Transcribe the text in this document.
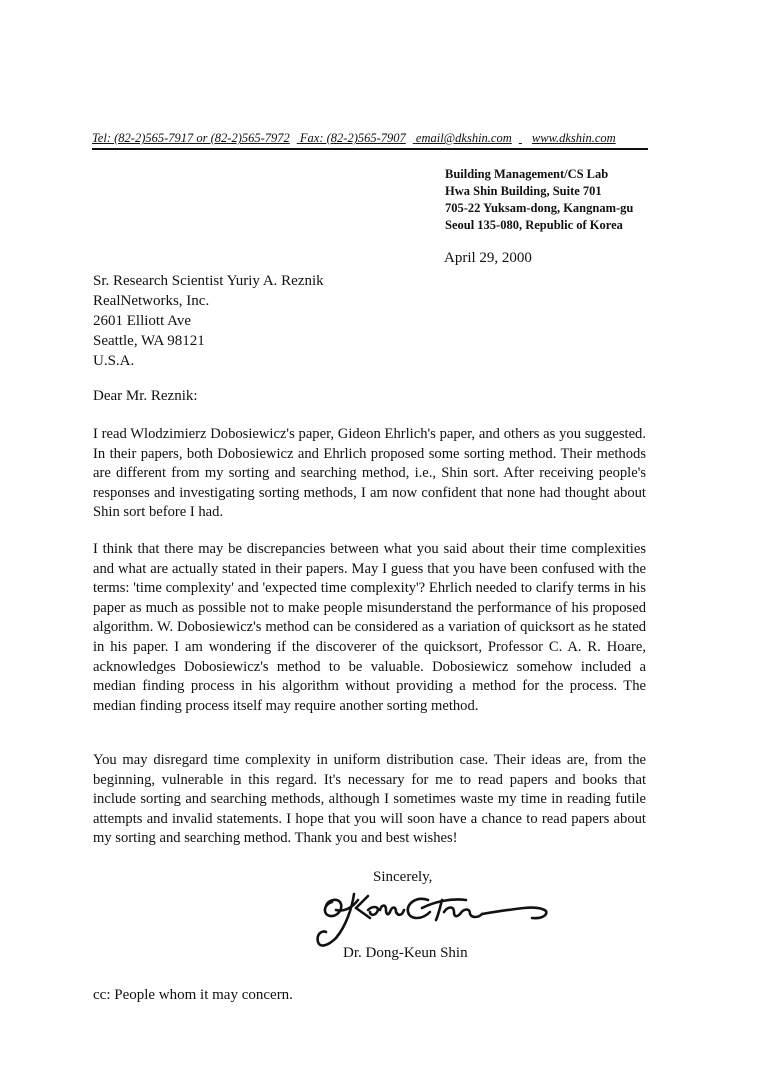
Tel: (82-2)565-7917 or (82-2)565-7972 Fax: (82-2)565-7907 email@dkshin.com www.dkshin.com
Building Management/CS Lab
Hwa Shin Building, Suite 701
705-22 Yuksam-dong, Kangnam-gu
Seoul 135-080, Republic of Korea
April 29, 2000
Sr. Research Scientist Yuriy A. Reznik
RealNetworks, Inc.
2601 Elliott Ave
Seattle, WA 98121
U.S.A.
Dear Mr. Reznik:

I read Wlodzimierz Dobosiewicz's paper, Gideon Ehrlich's paper, and others as you suggested. In their papers, both Dobosiewicz and Ehrlich proposed some sorting method. Their methods are different from my sorting and searching method, i.e., Shin sort. After receiving people's responses and investigating sorting methods, I am now confident that none had thought about Shin sort before I had.

I think that there may be discrepancies between what you said about their time complexities and what are actually stated in their papers. May I guess that you have been confused with the terms: 'time complexity' and 'expected time complexity'? Ehrlich needed to clarify terms in his paper as much as possible not to make people misunderstand the performance of his proposed algorithm. W. Dobosiewicz's method can be considered as a variation of quicksort as he stated in his paper. I am wondering if the discoverer of the quicksort, Professor C. A. R. Hoare, acknowledges Dobosiewicz's method to be valuable. Dobosiewicz somehow included a median finding process in his algorithm without providing a method for the process. The median finding process itself may require another sorting method.

You may disregard time complexity in uniform distribution case. Their ideas are, from the beginning, vulnerable in this regard. It's necessary for me to read papers and books that include sorting and searching methods, although I sometimes waste my time in reading futile attempts and invalid statements. I hope that you will soon have a chance to read papers about my sorting and searching method. Thank you and best wishes!

Sincerely,
Dr. Dong-Keun Shin
cc: People whom it may concern.
